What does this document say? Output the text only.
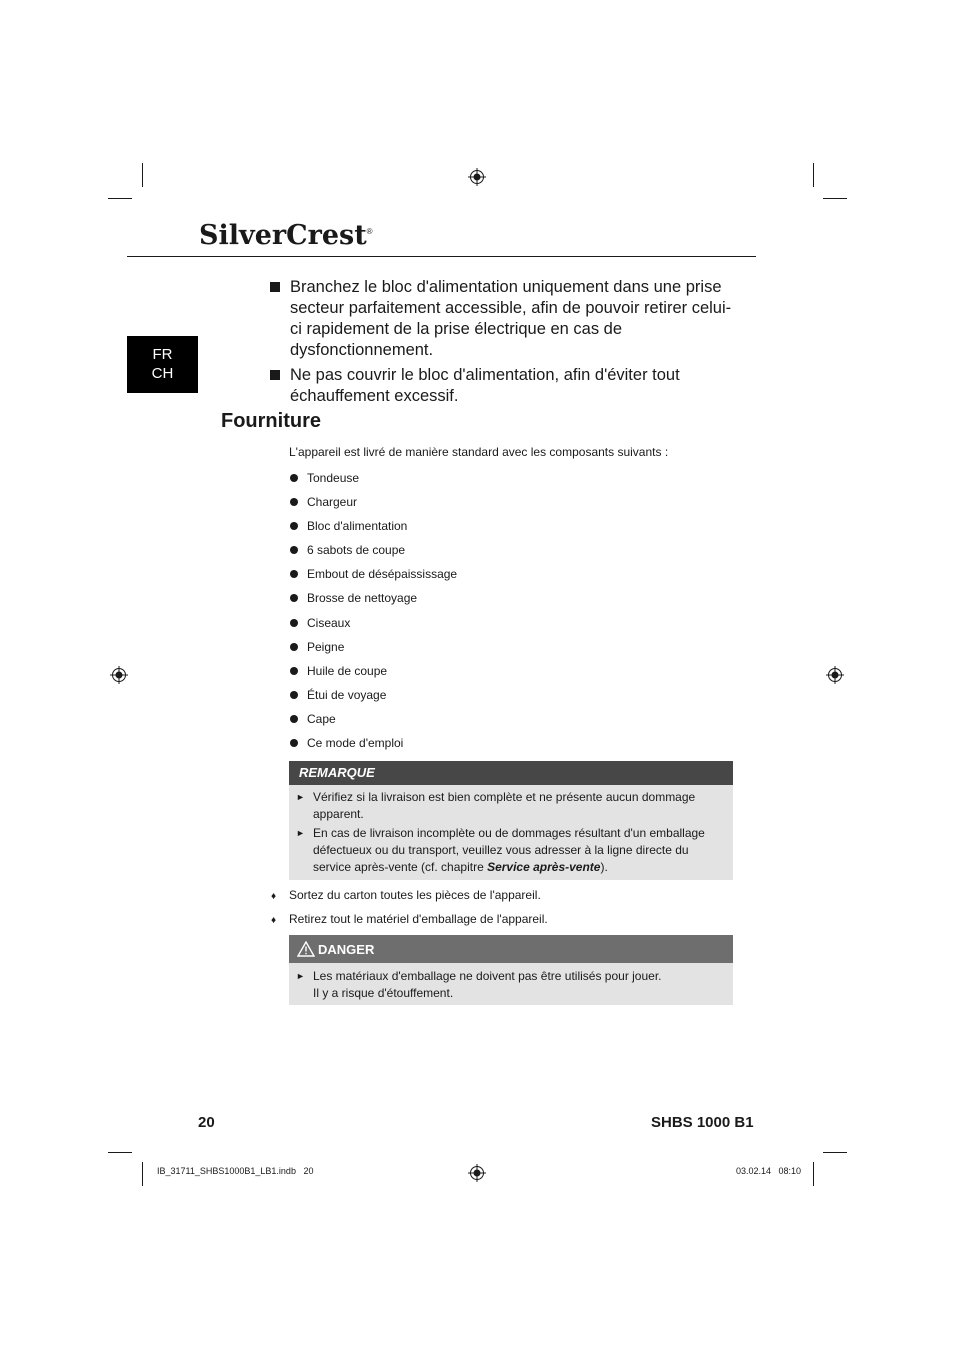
SilverCrest®
FR
CH
Branchez le bloc d'alimentation uniquement dans une prise secteur parfaitement accessible, afin de pouvoir retirer celui-ci rapidement de la prise électrique en cas de dysfonctionnement.
Ne pas couvrir le bloc d'alimentation, afin d'éviter tout échauffement excessif.
Fourniture
L'appareil est livré de manière standard avec les composants suivants :
Tondeuse
Chargeur
Bloc d'alimentation
6 sabots de coupe
Embout de désépaississage
Brosse de nettoyage
Ciseaux
Peigne
Huile de coupe
Étui de voyage
Cape
Ce mode d'emploi
REMARQUE
► Vérifiez si la livraison est bien complète et ne présente aucun dommage apparent.
► En cas de livraison incomplète ou de dommages résultant d'un emballage défectueux ou du transport, veuillez vous adresser à la ligne directe du service après-vente (cf. chapitre Service après-vente).
♦ Sortez du carton toutes les pièces de l'appareil.
♦ Retirez tout le matériel d'emballage de l'appareil.
DANGER
► Les matériaux d'emballage ne doivent pas être utilisés pour jouer.
Il y a risque d'étouffement.
20	SHBS 1000 B1
IB_31711_SHBS1000B1_LB1.indb   20	03.02.14   08:10
